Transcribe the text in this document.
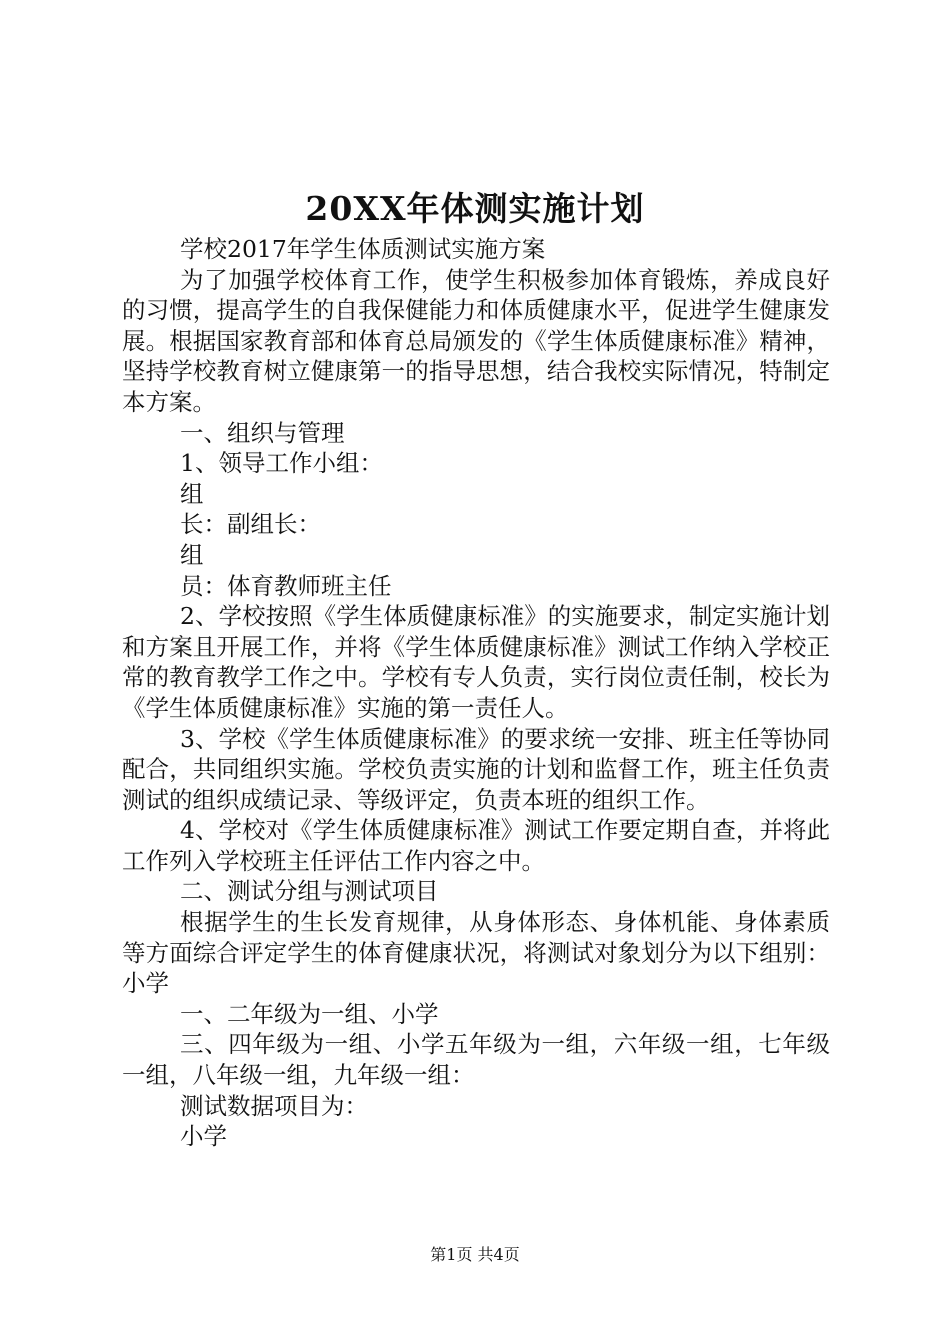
20XX年体测实施计划

学校2017年学生体质测试实施方案

为了加强学校体育工作，使学生积极参加体育锻炼，养成良好的习惯，提高学生的自我保健能力和体质健康水平，促进学生健康发展。根据国家教育部和体育总局颁发的《学生体质健康标准》精神，坚持学校教育树立健康第一的指导思想，结合我校实际情况，特制定本方案。

一、组织与管理

1、领导工作小组：

组

长：副组长：

组

员：体育教师班主任

2、学校按照《学生体质健康标准》的实施要求，制定实施计划和方案且开展工作，并将《学生体质健康标准》测试工作纳入学校正常的教育教学工作之中。学校有专人负责，实行岗位责任制，校长为《学生体质健康标准》实施的第一责任人。

3、学校《学生体质健康标准》的要求统一安排、班主任等协同配合，共同组织实施。学校负责实施的计划和监督工作，班主任负责测试的组织成绩记录、等级评定，负责本班的组织工作。

4、学校对《学生体质健康标准》测试工作要定期自查，并将此工作列入学校班主任评估工作内容之中。

二、测试分组与测试项目

根据学生的生长发育规律，从身体形态、身体机能、身体素质等方面综合评定学生的体育健康状况，将测试对象划分为以下组别：小学

一、二年级为一组、小学

三、四年级为一组、小学五年级为一组，六年级一组，七年级一组，八年级一组，九年级一组：

测试数据项目为：

小学

第1页 共4页
